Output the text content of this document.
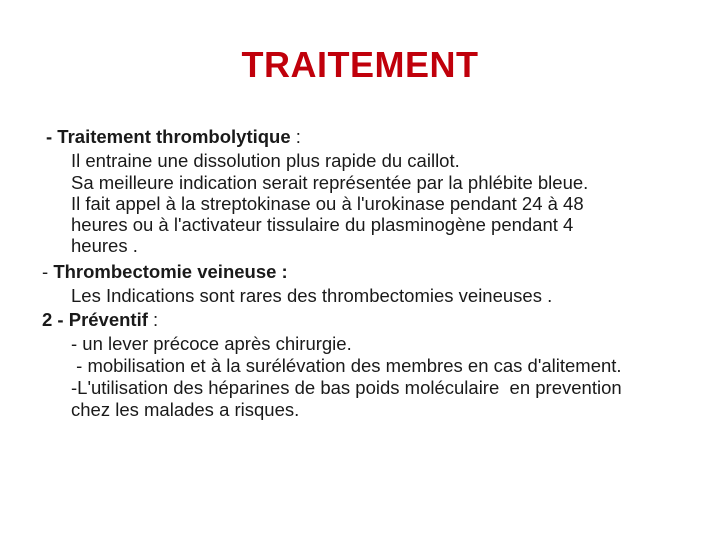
TRAITEMENT
- Traitement thrombolytique :
Il entraine une dissolution plus rapide du caillot.
Sa meilleure indication serait représentée par la phlébite bleue.
Il fait appel à la streptokinase ou à l'urokinase pendant 24 à 48
heures ou à l'activateur tissulaire du plasminogène pendant 4
heures .
- Thrombectomie veineuse :
Les Indications sont rares des thrombectomies veineuses .
2 - Préventif :
- un lever précoce après chirurgie.
- mobilisation et à la surélévation des membres en cas d'alitement.
-L'utilisation des héparines de bas poids moléculaire  en prevention
chez les malades a risques.
